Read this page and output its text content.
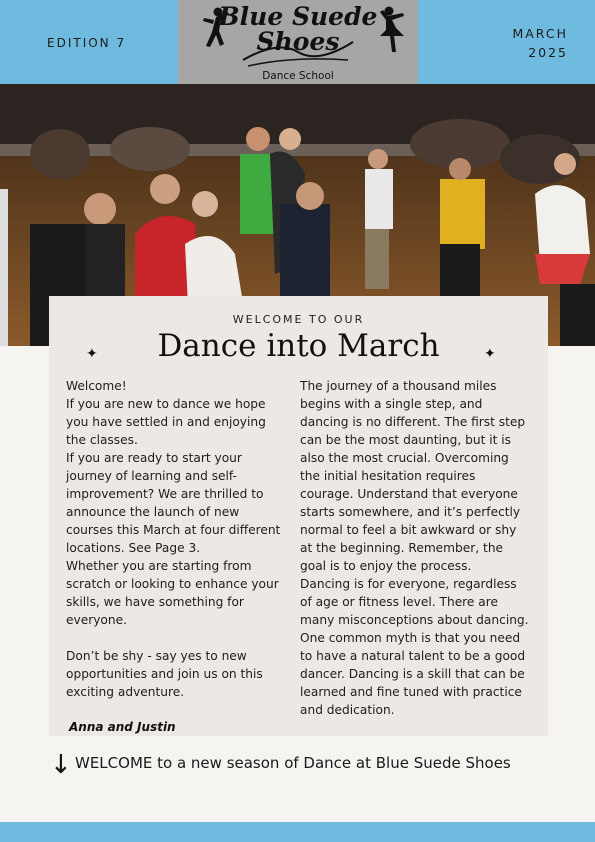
EDITION 7
MARCH
2025
Blue Suede Shoes
Dance School
WELCOME TO OUR
✦	Dance into March	✦
Welcome!
If you are new to dance we hope you have settled in and enjoying the classes.
If you are ready to start your journey of learning and self-improvement? We are thrilled to announce the launch of new courses this March at four different locations. See Page 3.
Whether you are starting from scratch or looking to enhance your skills, we have something for everyone.

Don’t be shy - say yes to new opportunities and join us on this exciting adventure.
The journey of a thousand miles begins with a single step, and dancing is no different. The first step can be the most daunting, but it is also the most crucial. Overcoming the initial hesitation requires courage. Understand that everyone starts somewhere, and it’s perfectly normal to feel a bit awkward or shy at the beginning. Remember, the goal is to enjoy the process.
Dancing is for everyone, regardless of age or fitness level. There are many misconceptions about dancing. One common myth is that you need to have a natural talent to be a good dancer. Dancing is a skill that can be learned and fine tuned with practice and dedication.
Anna and Justin
↓ WELCOME to a new season of Dance at Blue Suede Shoes
